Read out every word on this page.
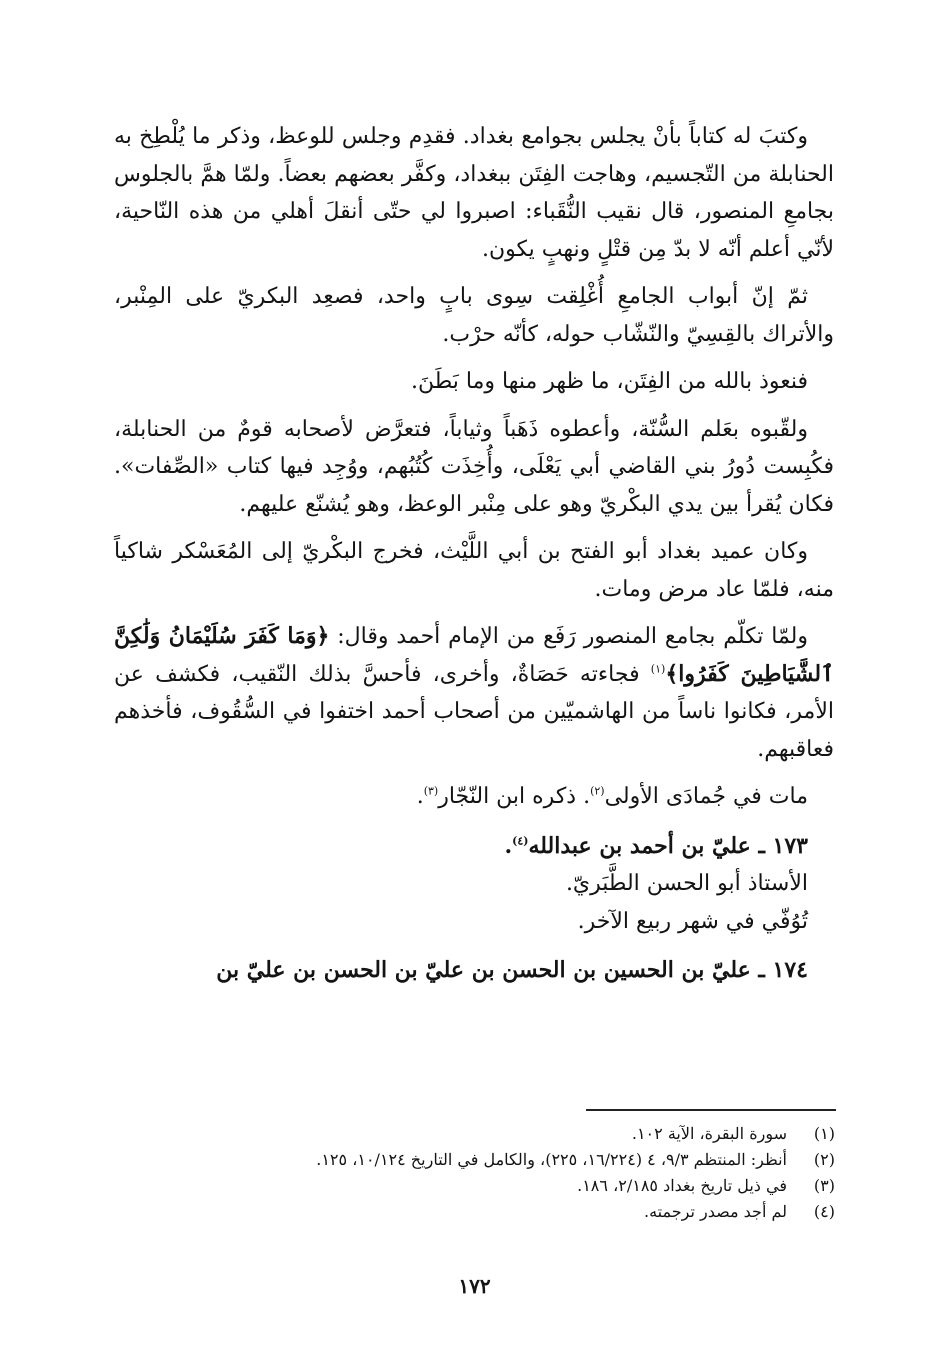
وكتبَ له كتاباً بأنْ يجلس بجوامع بغداد. فقدِم وجلس للوعظ، وذكر ما يُلْطِخ به الحنابلة من التّجسيم، وهاجت الفِتَن ببغداد، وكفَّر بعضهم بعضاً. ولمّا همَّ بالجلوس بجامعِ المنصور، قال نقيب النُّقَباء: اصبروا لي حتّى أنقلَ أهلي من هذه النّاحية، لأنّي أعلم أنّه لا بدّ مِن قتْلٍ ونهبٍ يكون.

ثمّ إنّ أبواب الجامعِ أُغْلِقت سِوى بابٍ واحد، فصعِد البكريّ على المِنْبر، والأتراك بالقِسِيّ والنّشّاب حوله، كأنّه حرْب.

فنعوذ بالله من الفِتَن، ما ظهر منها وما بَطَنَ.

ولقّبوه بعَلم السُّنّة، وأعطوه ذَهَباً وثياباً، فتعرَّض لأصحابه قومٌ من الحنابلة، فكُبِست دُورُ بني القاضي أبي يَعْلَى، وأُخِذَت كُتُبُهم، ووُجِد فيها كتاب «الصِّفات». فكان يُقرأ بين يدي البكْريّ وهو على مِنْبر الوعظ، وهو يُشنّع عليهم.

وكان عميد بغداد أبو الفتح بن أبي اللَّيْث، فخرج البكْريّ إلى المُعَسْكر شاكياً منه، فلمّا عاد مرض ومات.

ولمّا تكلّم بجامع المنصور رَفَع من الإمام أحمد وقال: ﴿وَمَا كَفَرَ سُلَيْمَانُ وَلَٰكِنَّ ٱلشَّيَاطِينَ كَفَرُوا﴾$^{(١)}$ فجاءته حَصَاةٌ، وأخرى، فأحسَّ بذلك النّقيب، فكشف عن الأمر، فكانوا ناساً من الهاشميّين من أصحاب أحمد اختفوا في السُّقُوف، فأخذهم فعاقبهم.

مات في جُمادَى الأولى$^{(٢)}$. ذكره ابن النّجّار$^{(٣)}$.
١٧٣ ـ عليّ بن أحمد بن عبدالله$^{(٤)}$.
الأستاذ أبو الحسن الطَّبَريّ.
تُوُفّي في شهر ربيع الآخر.
١٧٤ ـ عليّ بن الحسين بن الحسن بن عليّ بن الحسن بن عليّ بن
(١)
سورة البقرة، الآية ١٠٢.
(٢)
أنظر: المنتظم ٩/٣، ٤ (١٦/٢٢٤، ٢٢٥)، والكامل في التاريخ ١٠/١٢٤، ١٢٥.
(٣)
في ذيل تاريخ بغداد ٢/١٨٥، ١٨٦.
(٤)
لم أجد مصدر ترجمته.
١٧٢
